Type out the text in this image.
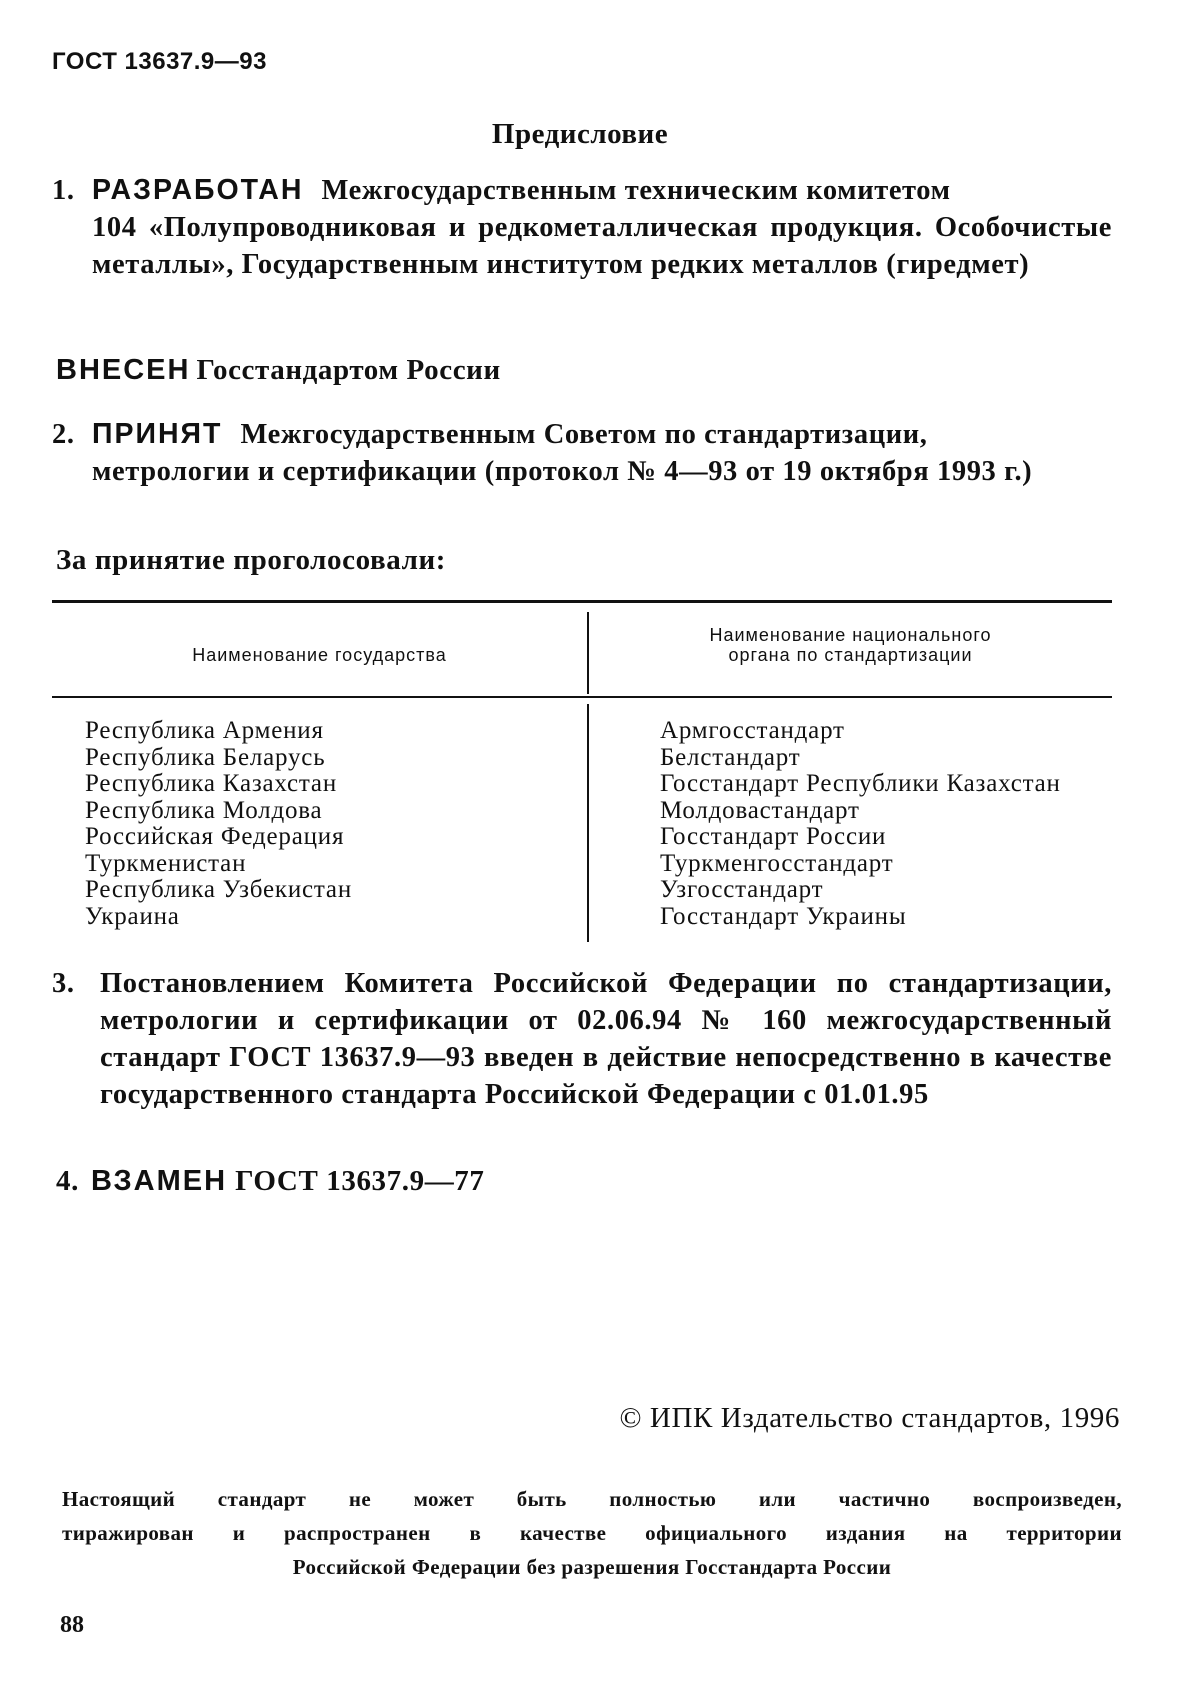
ГОСТ 13637.9—93
Предисловие
1. РАЗРАБОТАН Межгосударственным техническим комитетом
104 «Полупроводниковая и редкометаллическая продукция. Особочистые металлы», Государственным институтом редких металлов (гиредмет)
ВНЕСЕН Госстандартом России
2. ПРИНЯТ Межгосударственным Советом по стандартизации,
метрологии и сертификации (протокол № 4—93 от 19 октября 1993 г.)
За принятие проголосовали:
Наименование государства
Наименование национального
органа по стандартизации
Республика Армения
Республика Беларусь
Республика Казахстан
Республика Молдова
Российская Федерация
Туркменистан
Республика Узбекистан
Украина
Армгосстандарт
Белстандарт
Госстандарт Республики Казахстан
Молдовастандарт
Госстандарт России
Туркменгосстандарт
Узгосстандарт
Госстандарт Украины
3. Постановлением Комитета Российской Федерации по стандартизации, метрологии и сертификации от 02.06.94 № 160 межгосударственный стандарт ГОСТ 13637.9—93 введен в действие непосредственно в качестве государственного стандарта Российской Федерации с 01.01.95
4. ВЗАМЕН ГОСТ 13637.9—77
© ИПК Издательство стандартов, 1996
Настоящий стандарт не может быть полностью или частично воспроизведен,
тиражирован и распространен в качестве официального издания на территории
Российской Федерации без разрешения Госстандарта России
88
